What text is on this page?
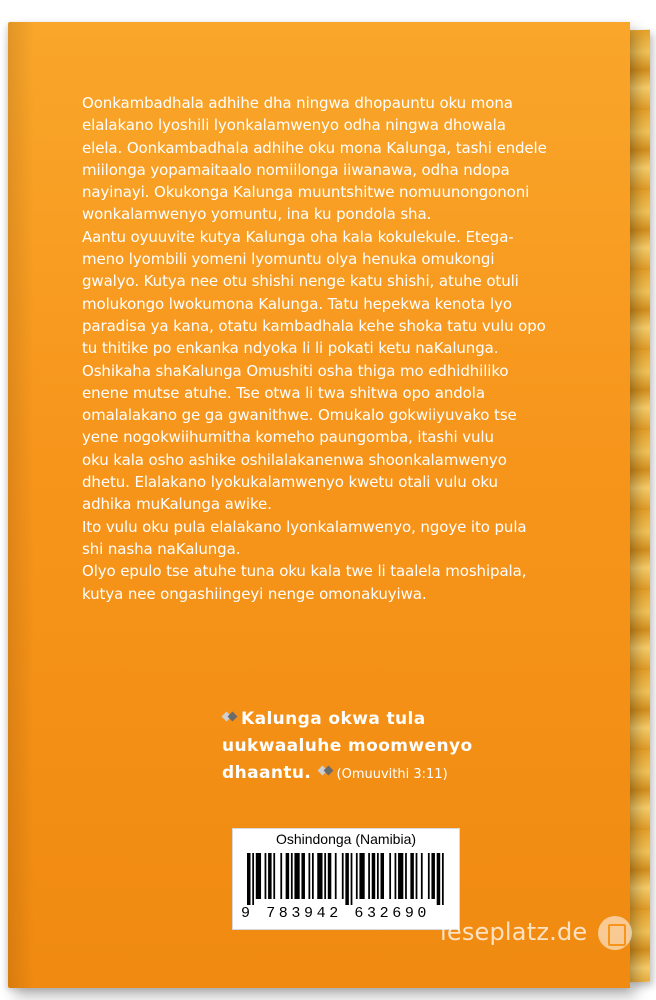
Oonkambadhala adhihe dha ningwa dhopauntu oku mona
elalakano lyoshili lyonkalamwenyo odha ningwa dhowala
elela. Oonkambadhala adhihe oku mona Kalunga, tashi endele
miilonga yopamaitaalo nomiilonga iiwanawa, odha ndopa
nayinayi. Okukonga Kalunga muuntshitwe nomuunongononi
wonkalamwenyo yomuntu, ina ku pondola sha.

Aantu oyuuvite kutya Kalunga oha kala kokulekule. Etega-
meno lyombili yomeni lyomuntu olya henuka omukongi
gwalyo. Kutya nee otu shishi nenge katu shishi, atuhe otuli
molukongo lwokumona Kalunga. Tatu hepekwa kenota lyo
paradisa ya kana, otatu kambadhala kehe shoka tatu vulu opo
tu thitike po enkanka ndyoka li li pokati ketu naKalunga.

Oshikaha shaKalunga Omushiti osha thiga mo edhidhiliko
enene mutse atuhe. Tse otwa li twa shitwa opo andola
omalalakano ge ga gwanithwe. Omukalo gokwiiyuvako tse
yene nogokwiihumitha komeho paungomba, itashi vulu
oku kala osho ashike oshilalakanenwa shoonkalamwenyo
dhetu. Elalakano lyokukalamwenyo kwetu otali vulu oku
adhika muKalunga awike.

Ito vulu oku pula elalakano lyonkalamwenyo, ngoye ito pula
shi nasha naKalunga.

Olyo epulo tse atuhe tuna oku kala twe li taalela moshipala,
kutya nee ongashiingeyi nenge omonakuyiwa.

Kalunga okwa tula
uukwaaluhe moomwenyo
dhaantu. (Omuuvithi 3:11)
Oshindonga (Namibia)
9 783942 632690
leseplatz.de
